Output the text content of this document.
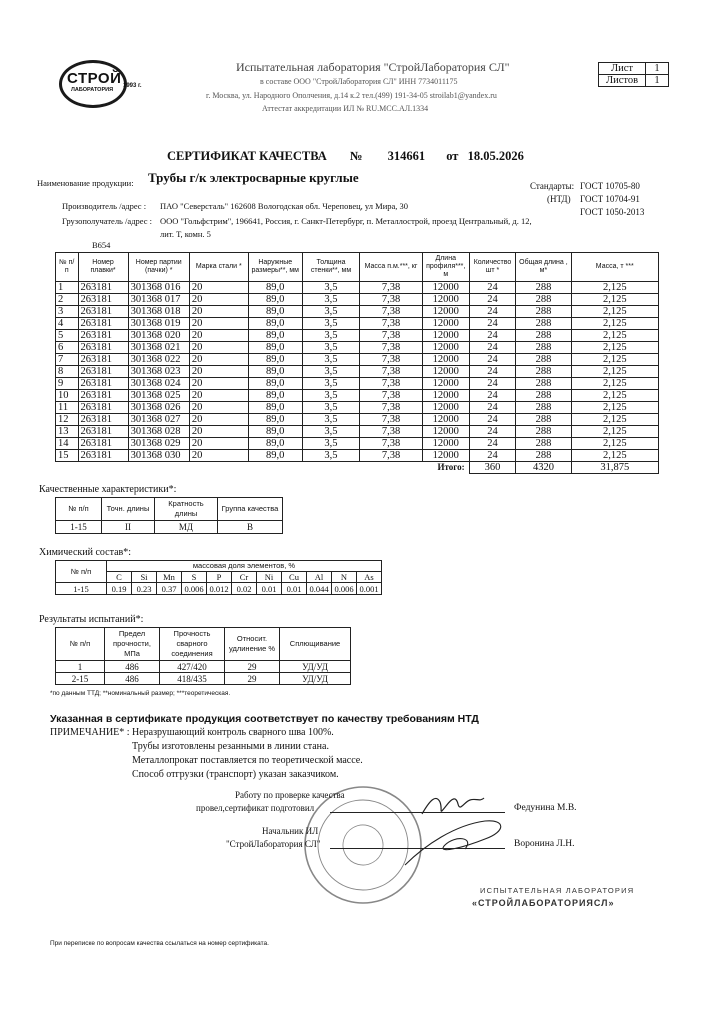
Лист	1
Листов	1
СТРОЙ
ЛАБОРАТОРИЯ
1993 г.
Испытательная лаборатория "СтройЛаборатория СЛ"
в составе ООО "СтройЛаборатория СЛ" ИНН 7734011175
г. Москва, ул. Народного Ополчения, д.14 к.2 тел.(499) 191-34-05 stroilab1@yandex.ru
Аттестат аккредитации ИЛ № RU.МСС.АЛ.1334
СЕРТИФИКАТ КАЧЕСТВА № 314661 от 18.05.2026
Наименование продукции: Трубы г/к электросварные круглые
Стандарты:
(НТД)
ГОСТ 10705-80
ГОСТ 10704-91
ГОСТ 1050-2013
Производитель /адрес : ПАО "Северсталь" 162608 Вологодская обл. Череповец, ул Мира, 30
Грузополучатель /адрес : ООО "Гольфстрим", 196641, Россия, г. Санкт-Петербург, п. Металлострой, проезд Центральный, д. 12,
лит. Т, комн. 5
В654
№ п/п	Номер плавки*	Номер партии (пачки) *	Марка стали *	Наружные размеры**, мм	Толщина стенки**, мм	Масса п.м.***, кг	Длина профиля***, м	Количество шт *	Общая длина , м*	Масса, т ***
1	263181	301368 016	20	89,0	3,5	7,38	12000	24	288	2,125
2	263181	301368 017	20	89,0	3,5	7,38	12000	24	288	2,125
3	263181	301368 018	20	89,0	3,5	7,38	12000	24	288	2,125
4	263181	301368 019	20	89,0	3,5	7,38	12000	24	288	2,125
5	263181	301368 020	20	89,0	3,5	7,38	12000	24	288	2,125
6	263181	301368 021	20	89,0	3,5	7,38	12000	24	288	2,125
7	263181	301368 022	20	89,0	3,5	7,38	12000	24	288	2,125
8	263181	301368 023	20	89,0	3,5	7,38	12000	24	288	2,125
9	263181	301368 024	20	89,0	3,5	7,38	12000	24	288	2,125
10	263181	301368 025	20	89,0	3,5	7,38	12000	24	288	2,125
11	263181	301368 026	20	89,0	3,5	7,38	12000	24	288	2,125
12	263181	301368 027	20	89,0	3,5	7,38	12000	24	288	2,125
13	263181	301368 028	20	89,0	3,5	7,38	12000	24	288	2,125
14	263181	301368 029	20	89,0	3,5	7,38	12000	24	288	2,125
15	263181	301368 030	20	89,0	3,5	7,38	12000	24	288	2,125
Итого:								360	4320	31,875
Качественные характеристики*:
№ п/п	Точн. длины	Кратность длины	Группа качества
1-15	II	МД	В
Химический состав*:
№ п/п	массовая доля элементов, %										
	C	Si	Mn	S	P	Cr	Ni	Cu	Al	N	As
1-15	0.19	0.23	0.37	0.006	0.012	0.02	0.01	0.01	0.044	0.006	0.001
Результаты испытаний*:
№ п/п	Предел прочности, МПа	Прочность сварного соединения	Относит. удлинение %	Сплющивание
1	486	427/420	29	УД/УД
2-15	486	418/435	29	УД/УД
*по данным ТТД; **номинальный размер; ***теоретическая.
Указанная в сертификате продукция соответствует по качеству требованиям НТД
ПРИМЕЧАНИЕ* : Неразрушающий контроль сварного шва 100%.
Трубы изготовлены резанными в линии стана.
Металлопрокат поставляется по теоретической массе.
Способ отгрузки (транспорт) указан заказчиком.
Работу по проверке качества
провел,сертификат подготовил	Федунина М.В.
Начальник ИЛ
"СтройЛаборатория СЛ"	Воронина Л.Н.
ИСПЫТАТЕЛЬНАЯ ЛАБОРАТОРИЯ
«СТРОЙЛАБОРАТОРИЯСЛ»
При переписке по вопросам качества ссылаться на номер сертификата.
